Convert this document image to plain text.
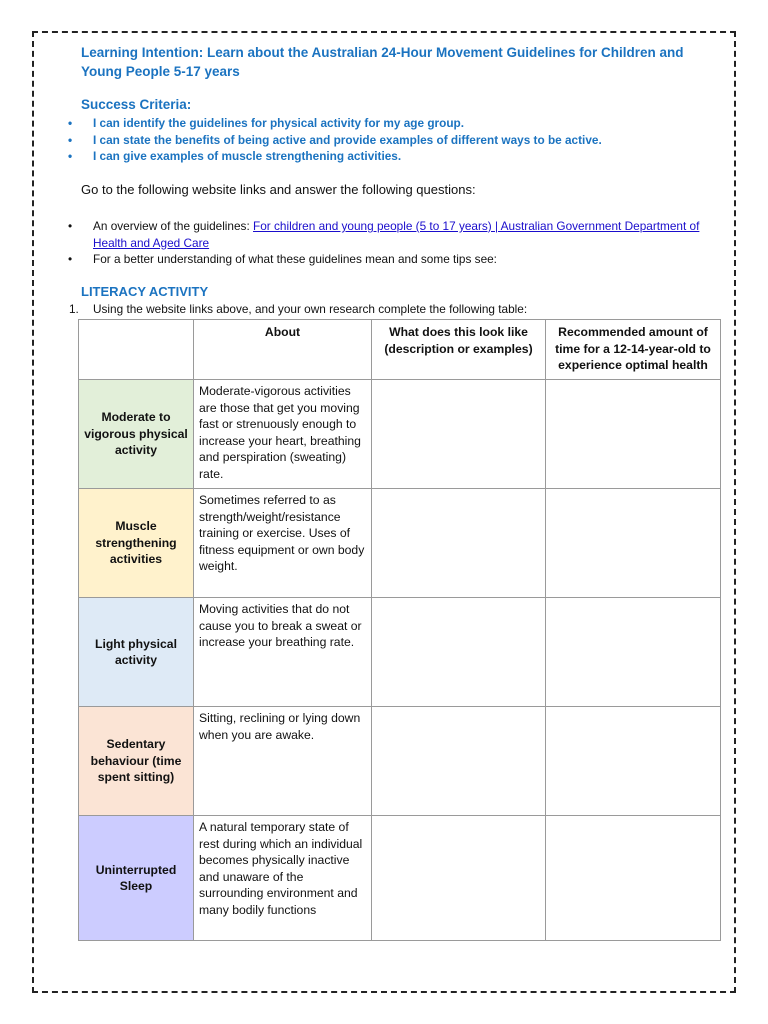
Learning Intention: Learn about the Australian 24-Hour Movement Guidelines for Children and Young People 5-17 years
Success Criteria:
• I can identify the guidelines for physical activity for my age group.
• I can state the benefits of being active and provide examples of different ways to be active.
• I can give examples of muscle strengthening activities.
Go to the following website links and answer the following questions:
• An overview of the guidelines: For children and young people (5 to 17 years) | Australian Government Department of Health and Aged Care
• For a better understanding of what these guidelines mean and some tips see:
LITERACY ACTIVITY
1. Using the website links above, and your own research complete the following table:
	About	What does this look like (description or examples)	Recommended amount of time for a 12-14-year-old to experience optimal health
Moderate to vigorous physical activity	Moderate-vigorous activities are those that get you moving fast or strenuously enough to increase your heart, breathing and perspiration (sweating) rate.		
Muscle strengthening activities	Sometimes referred to as strength/weight/resistance training or exercise. Uses of fitness equipment or own body weight.		
Light physical activity	Moving activities that do not cause you to break a sweat or increase your breathing rate.		
Sedentary behaviour (time spent sitting)	Sitting, reclining or lying down when you are awake.		
Uninterrupted Sleep	A natural temporary state of rest during which an individual becomes physically inactive and unaware of the surrounding environment and many bodily functions		
